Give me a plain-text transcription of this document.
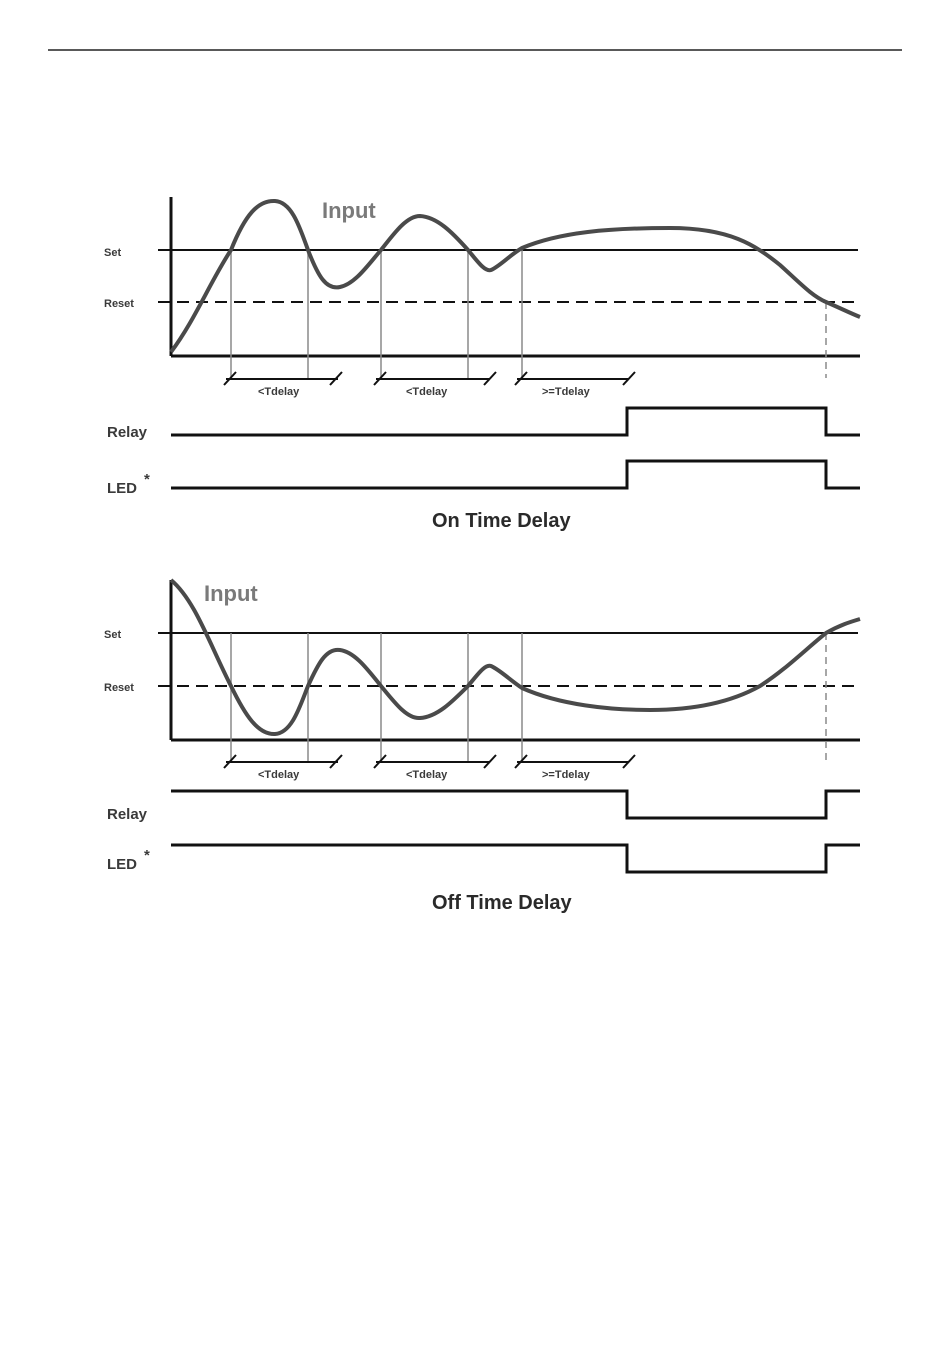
Input
Set
Reset
<Tdelay	<Tdelay	>=Tdelay
Relay
LED
*
On Time Delay
Input
Set
Reset
<Tdelay	<Tdelay	>=Tdelay
Relay
LED
*
Off Time Delay
